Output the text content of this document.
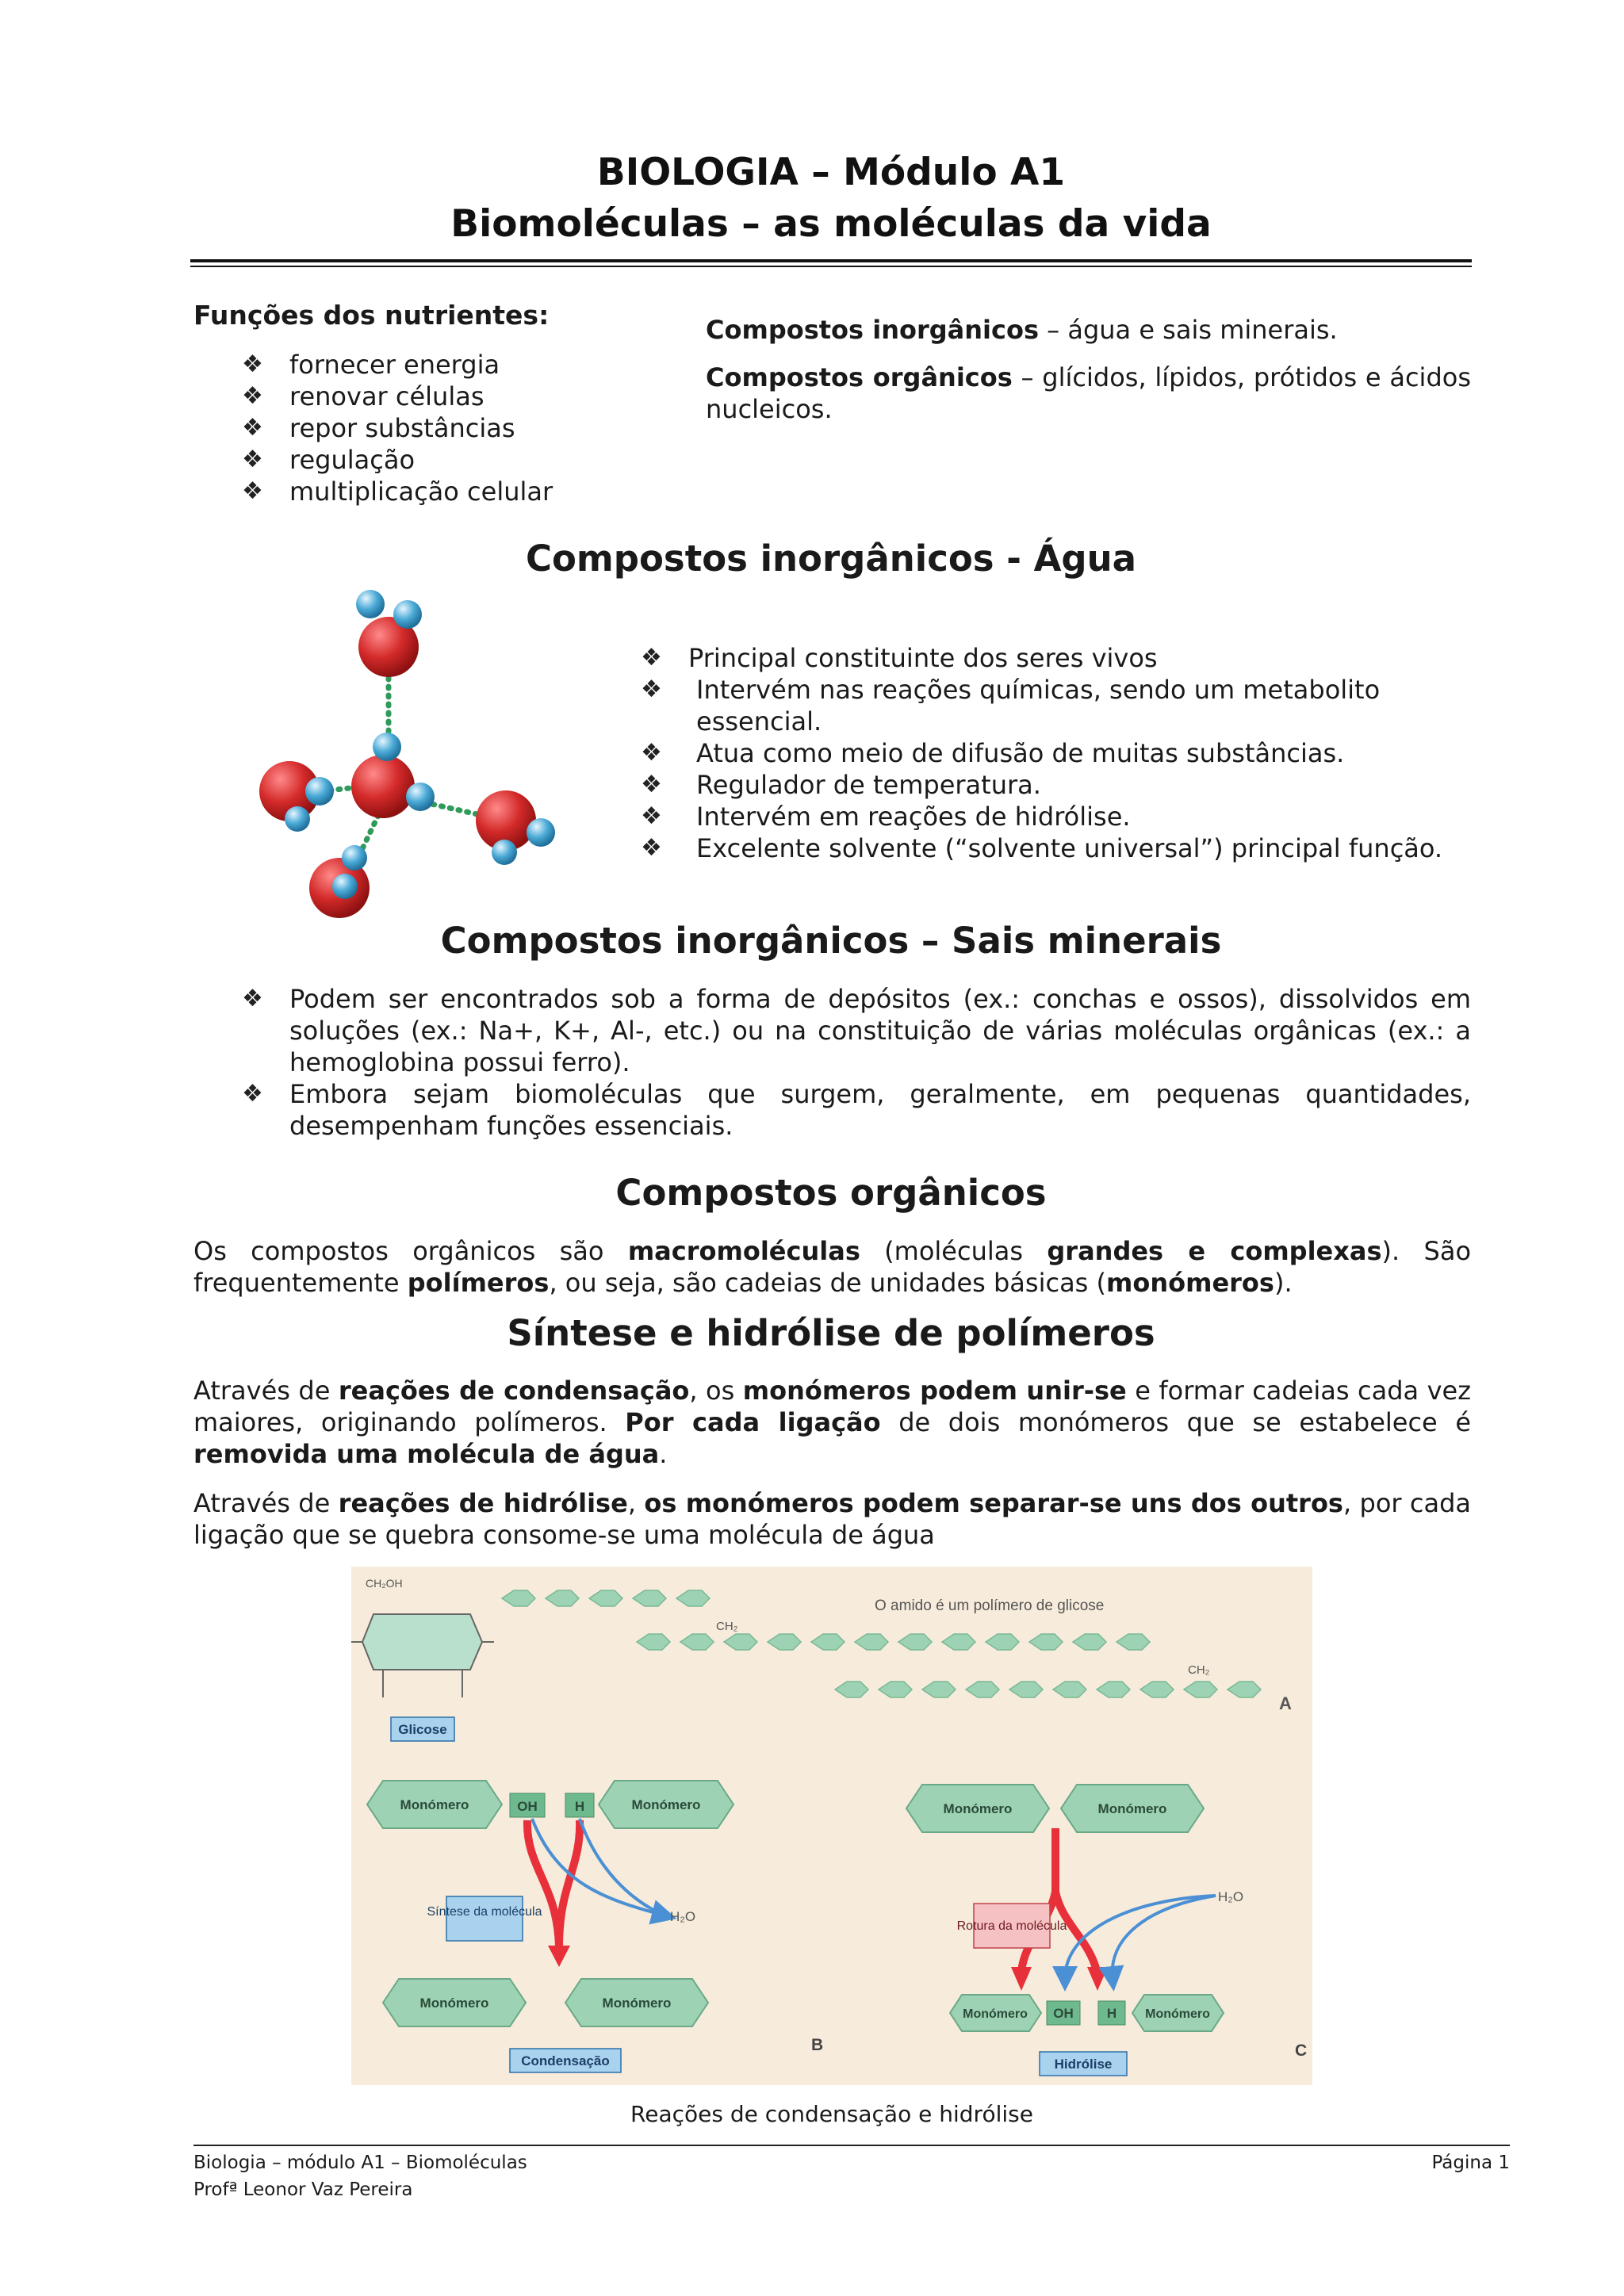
BIOLOGIA – Módulo A1
Biomoléculas – as moléculas da vida
Funções dos nutrientes:
❖ fornecer energia
❖ renovar células
❖ repor substâncias
❖ regulação
❖ multiplicação celular
Compostos inorgânicos – água e sais minerais.
Compostos orgânicos – glícidos, lípidos, prótidos e ácidos nucleicos.
Compostos inorgânicos - Água
❖ Principal constituinte dos seres vivos
❖ Intervém nas reações químicas, sendo um metabolito essencial.
❖ Atua como meio de difusão de muitas substâncias.
❖ Regulador de temperatura.
❖ Intervém em reações de hidrólise.
❖ Excelente solvente (“solvente universal”) principal função.
Compostos inorgânicos – Sais minerais
❖ Podem ser encontrados sob a forma de depósitos (ex.: conchas e ossos), dissolvidos em soluções (ex.: Na+, K+, Al-, etc.) ou na constituição de várias moléculas orgânicas (ex.: a hemoglobina possui ferro).
❖ Embora sejam biomoléculas que surgem, geralmente, em pequenas quantidades, desempenham funções essenciais.
Compostos orgânicos
Os compostos orgânicos são macromoléculas (moléculas grandes e complexas). São frequentemente polímeros, ou seja, são cadeias de unidades básicas (monómeros).
Síntese e hidrólise de polímeros
Através de reações de condensação, os monómeros podem unir-se e formar cadeias cada vez maiores, originando polímeros. Por cada ligação de dois monómeros que se estabelece é removida uma molécula de água.
Através de reações de hidrólise, os monómeros podem separar-se uns dos outros, por cada ligação que se quebra consome-se uma molécula de água
CH₂OH
Glicose
O amido é um polímero de glicose
CH₂
CH₂
A
Monómero	OH	H	Monómero
H₂O
Síntese da molécula
Monómero	Monómero
Condensação
B
Monómero	Monómero
H₂O
Rotura da molécula
Monómero OH H Monómero
Hidrólise
C
Reações de condensação e hidrólise
Biologia – módulo A1 – Biomoléculas
Profª Leonor Vaz Pereira
Página 1
